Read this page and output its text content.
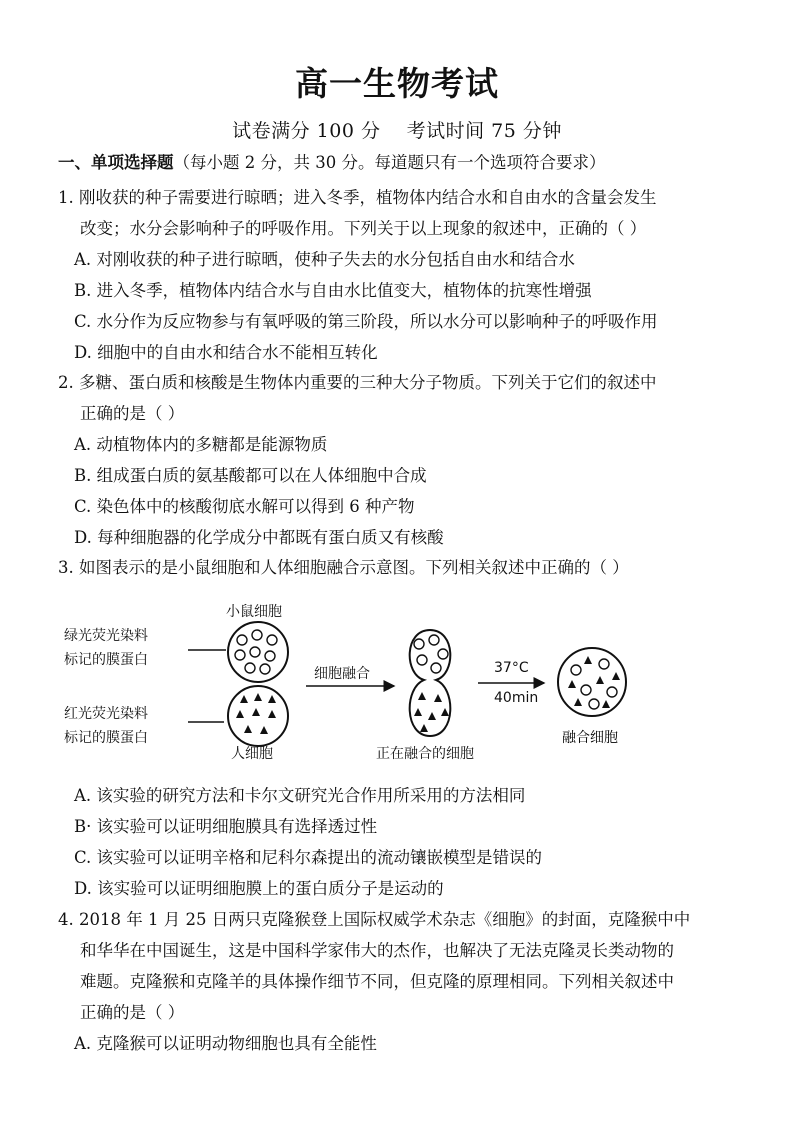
高一生物考试
试卷满分 100 分    考试时间 75 分钟
一、单项选择题（每小题 2 分，共 30 分。每道题只有一个选项符合要求）
1. 刚收获的种子需要进行晾晒；进入冬季，植物体内结合水和自由水的含量会发生
改变；水分会影响种子的呼吸作用。下列关于以上现象的叙述中，正确的（ ）
A. 对刚收获的种子进行晾晒，使种子失去的水分包括自由水和结合水
B. 进入冬季，植物体内结合水与自由水比值变大，植物体的抗寒性增强
C. 水分作为反应物参与有氧呼吸的第三阶段，所以水分可以影响种子的呼吸作用
D. 细胞中的自由水和结合水不能相互转化
2. 多糖、蛋白质和核酸是生物体内重要的三种大分子物质。下列关于它们的叙述中
正确的是（ ）
A. 动植物体内的多糖都是能源物质
B. 组成蛋白质的氨基酸都可以在人体细胞中合成
C. 染色体中的核酸彻底水解可以得到 6 种产物
D. 每种细胞器的化学成分中都既有蛋白质又有核酸
3. 如图表示的是小鼠细胞和人体细胞融合示意图。下列相关叙述中正确的（ ）
绿光荧光染料
标记的膜蛋白
红光荧光染料
标记的膜蛋白
小鼠细胞
人细胞
细胞融合
正在融合的细胞
37°C
40min
融合细胞
A. 该实验的研究方法和卡尔文研究光合作用所采用的方法相同
B· 该实验可以证明细胞膜具有选择透过性
C. 该实验可以证明辛格和尼科尔森提出的流动镶嵌模型是错误的
D. 该实验可以证明细胞膜上的蛋白质分子是运动的
4. 2018 年 1 月 25 日两只克隆猴登上国际权威学术杂志《细胞》的封面，克隆猴中中
和华华在中国诞生，这是中国科学家伟大的杰作，也解决了无法克隆灵长类动物的
难题。克隆猴和克隆羊的具体操作细节不同，但克隆的原理相同。下列相关叙述中
正确的是（ ）
A. 克隆猴可以证明动物细胞也具有全能性
